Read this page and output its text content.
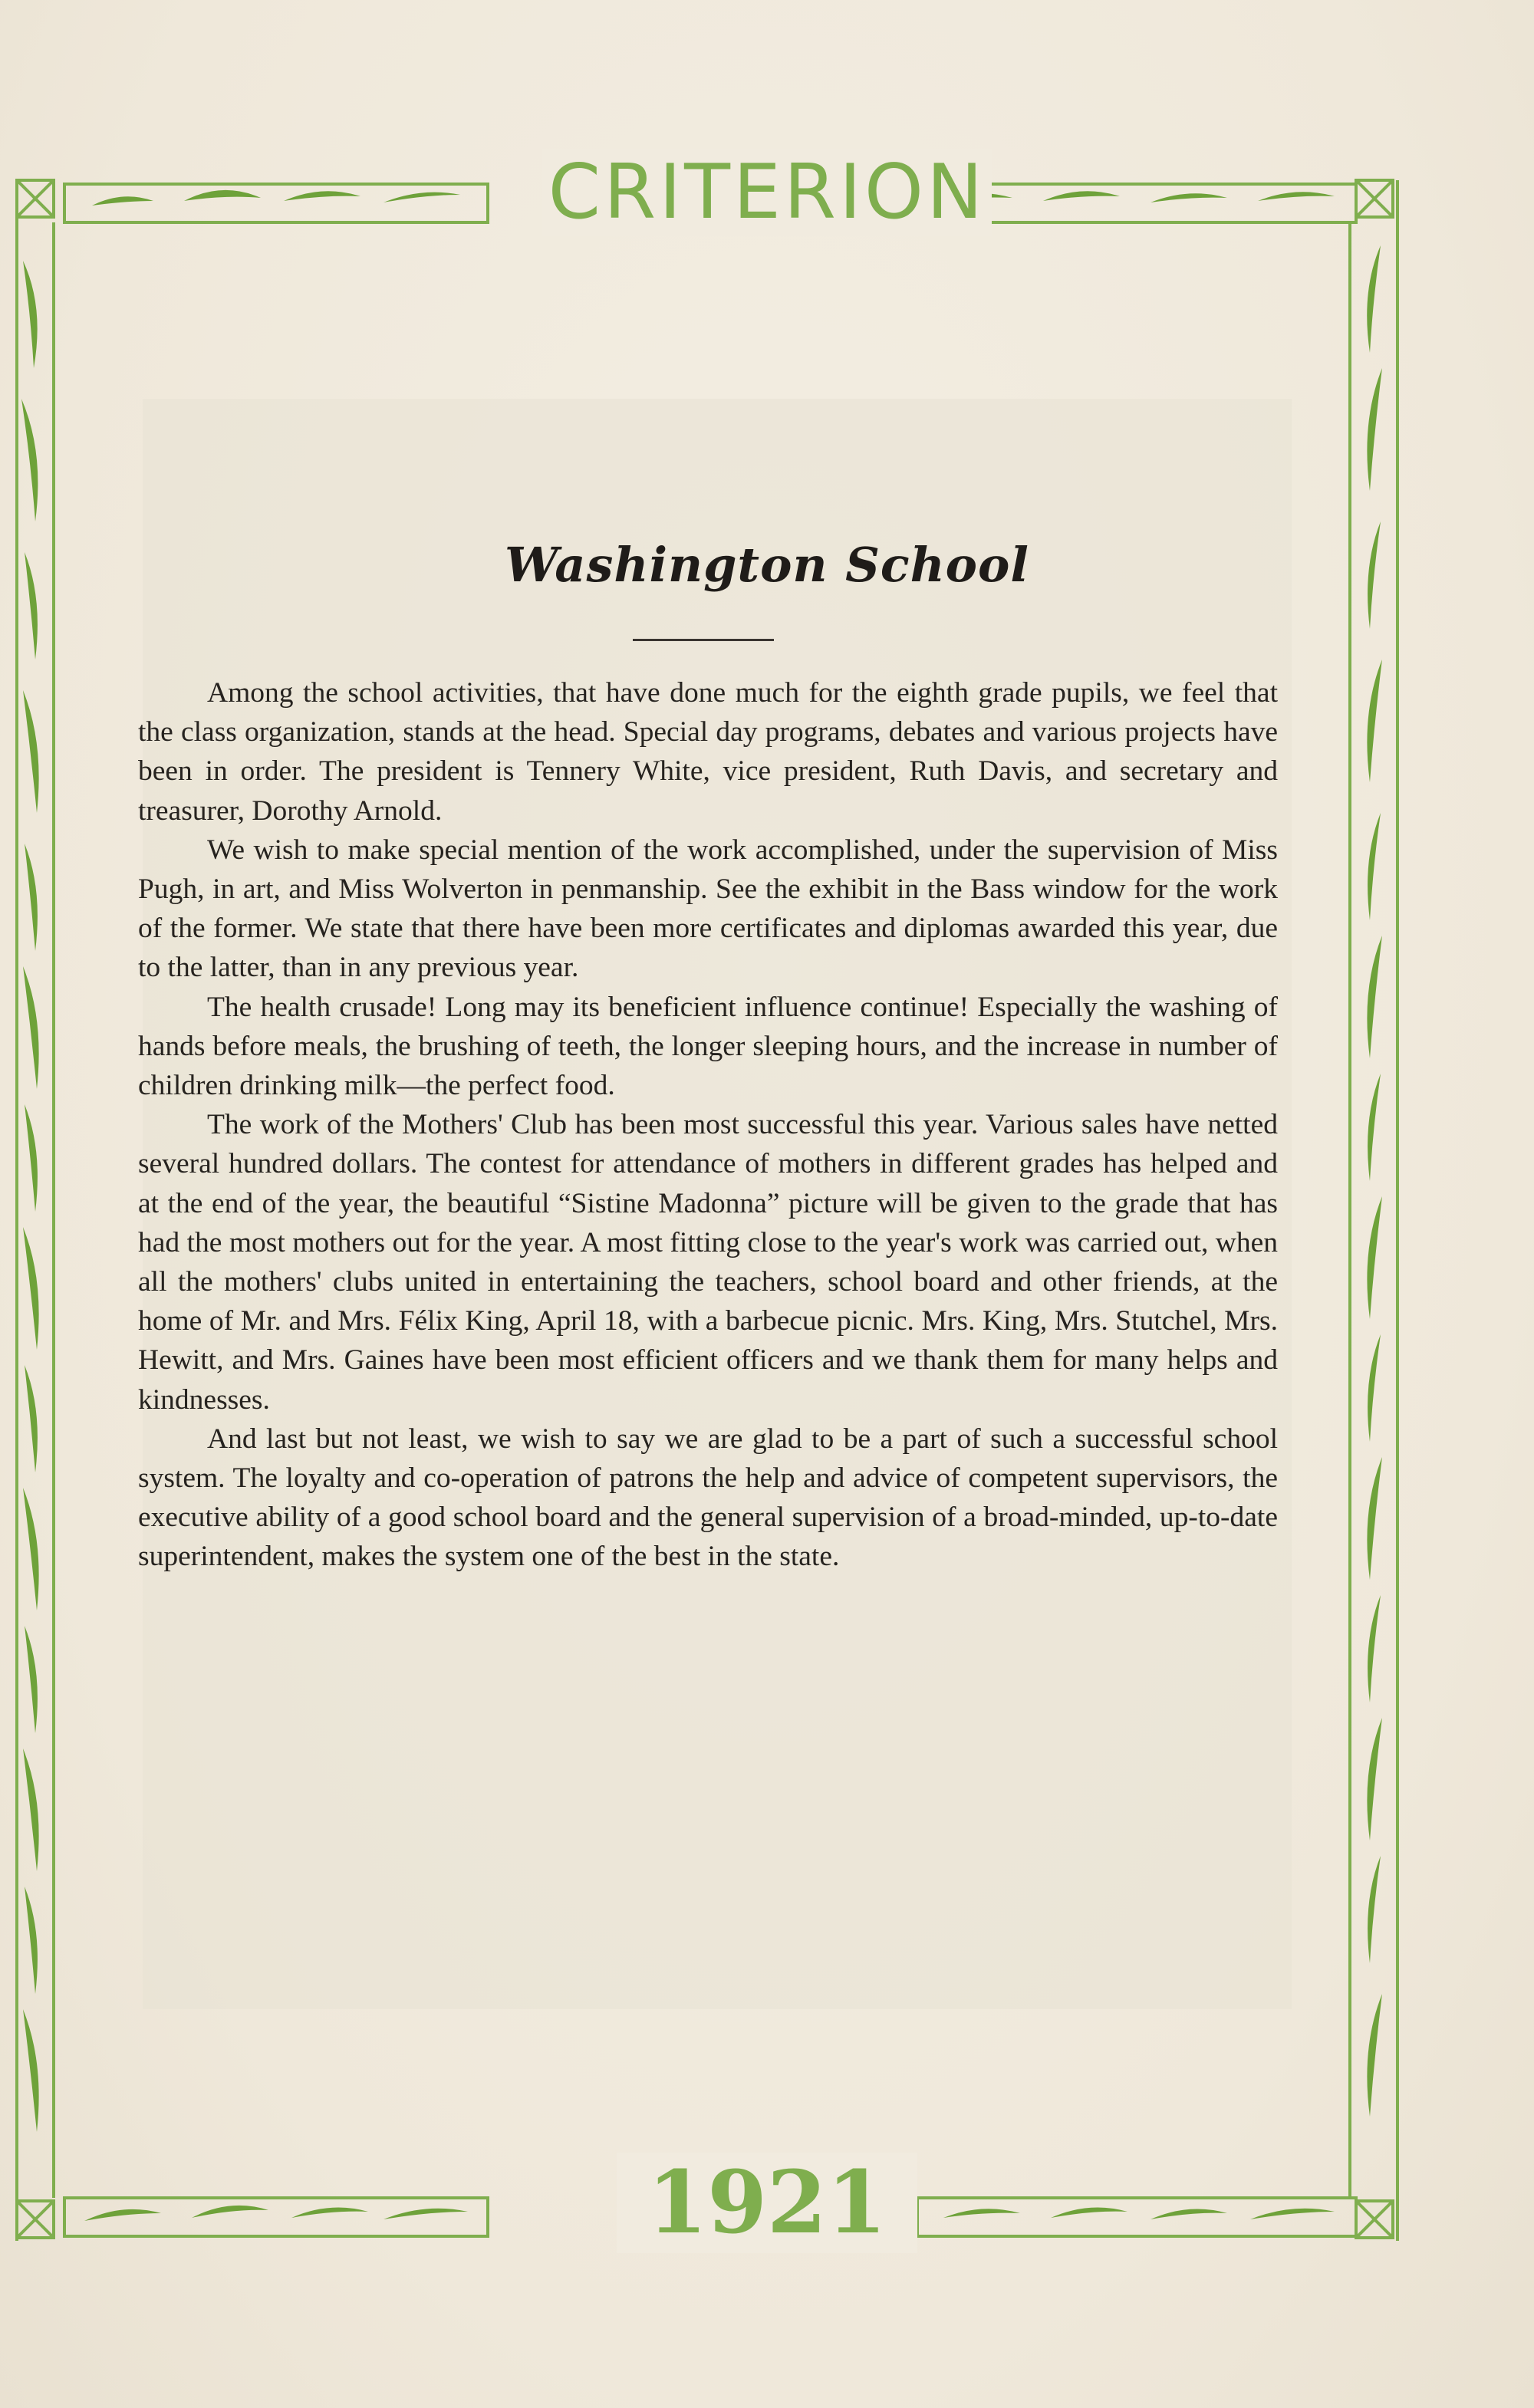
CRITERION
Washington School

Among the school activities, that have done much for the eighth grade pupils, we feel that the class organization, stands at the head. Special day programs, debates and various projects have been in order. The president is Tennery White, vice president, Ruth Davis, and secretary and treasurer, Dorothy Arnold.

We wish to make special mention of the work accomplished, under the supervision of Miss Pugh, in art, and Miss Wolverton in penmanship. See the exhibit in the Bass window for the work of the former. We state that there have been more certificates and diplomas awarded this year, due to the latter, than in any previous year.

The health crusade! Long may its beneficient influence continue! Especially the washing of hands before meals, the brushing of teeth, the longer sleeping hours, and the increase in number of children drinking milk—the perfect food.

The work of the Mothers' Club has been most successful this year. Various sales have netted several hundred dollars. The contest for attendance of mothers in different grades has helped and at the end of the year, the beautiful “Sistine Madonna” picture will be given to the grade that has had the most mothers out for the year. A most fitting close to the year's work was carried out, when all the mothers' clubs united in entertaining the teachers, school board and other friends, at the home of Mr. and Mrs. Félix King, April 18, with a barbecue picnic. Mrs. King, Mrs. Stutchel, Mrs. Hewitt, and Mrs. Gaines have been most efficient officers and we thank them for many helps and kindnesses.

And last but not least, we wish to say we are glad to be a part of such a successful school system. The loyalty and co-operation of patrons the help and advice of competent supervisors, the executive ability of a good school board and the general supervision of a broad-minded, up-to-date superintendent, makes the system one of the best in the state.

1921
